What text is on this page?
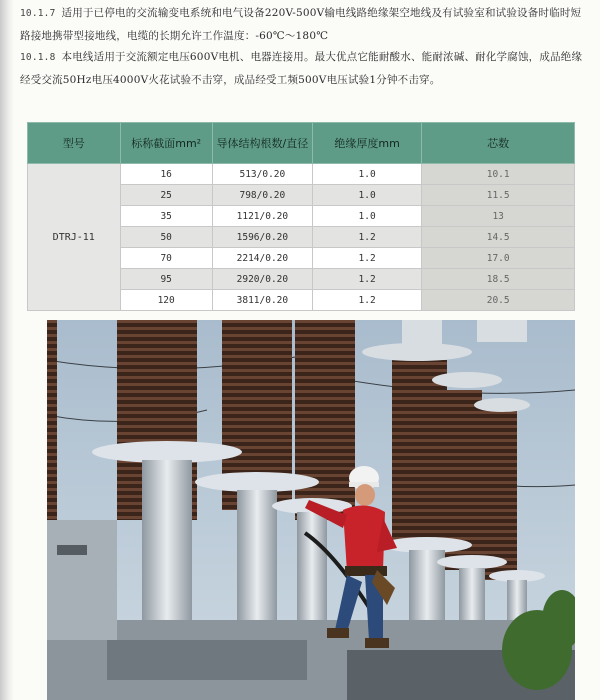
10.1.7 适用于已停电的交流输变电系统和电气设备220V-500V输电线路绝缘架空地线及有试验室和试验设备时临时短路接地携带型接地线，电缆的长期允许工作温度：-60℃～180℃
10.1.8 本电线适用于交流额定电压600V电机、电器连接用。最大优点它能耐酸水、能耐浓碱、耐化学腐蚀，成品绝缘经受交流50Hz电压4000V火花试验不击穿，成品经受工频500V电压试验1分钟不击穿。
型号	标称截面mm²	导体结构根数/直径	绝缘厚度mm	芯数
DTRJ-11	16	513/0.20	1.0	10.1
	25	798/0.20	1.0	11.5
	35	1121/0.20	1.0	13
	50	1596/0.20	1.2	14.5
	70	2214/0.20	1.2	17.0
	95	2920/0.20	1.2	18.5
	120	3811/0.20	1.2	20.5
